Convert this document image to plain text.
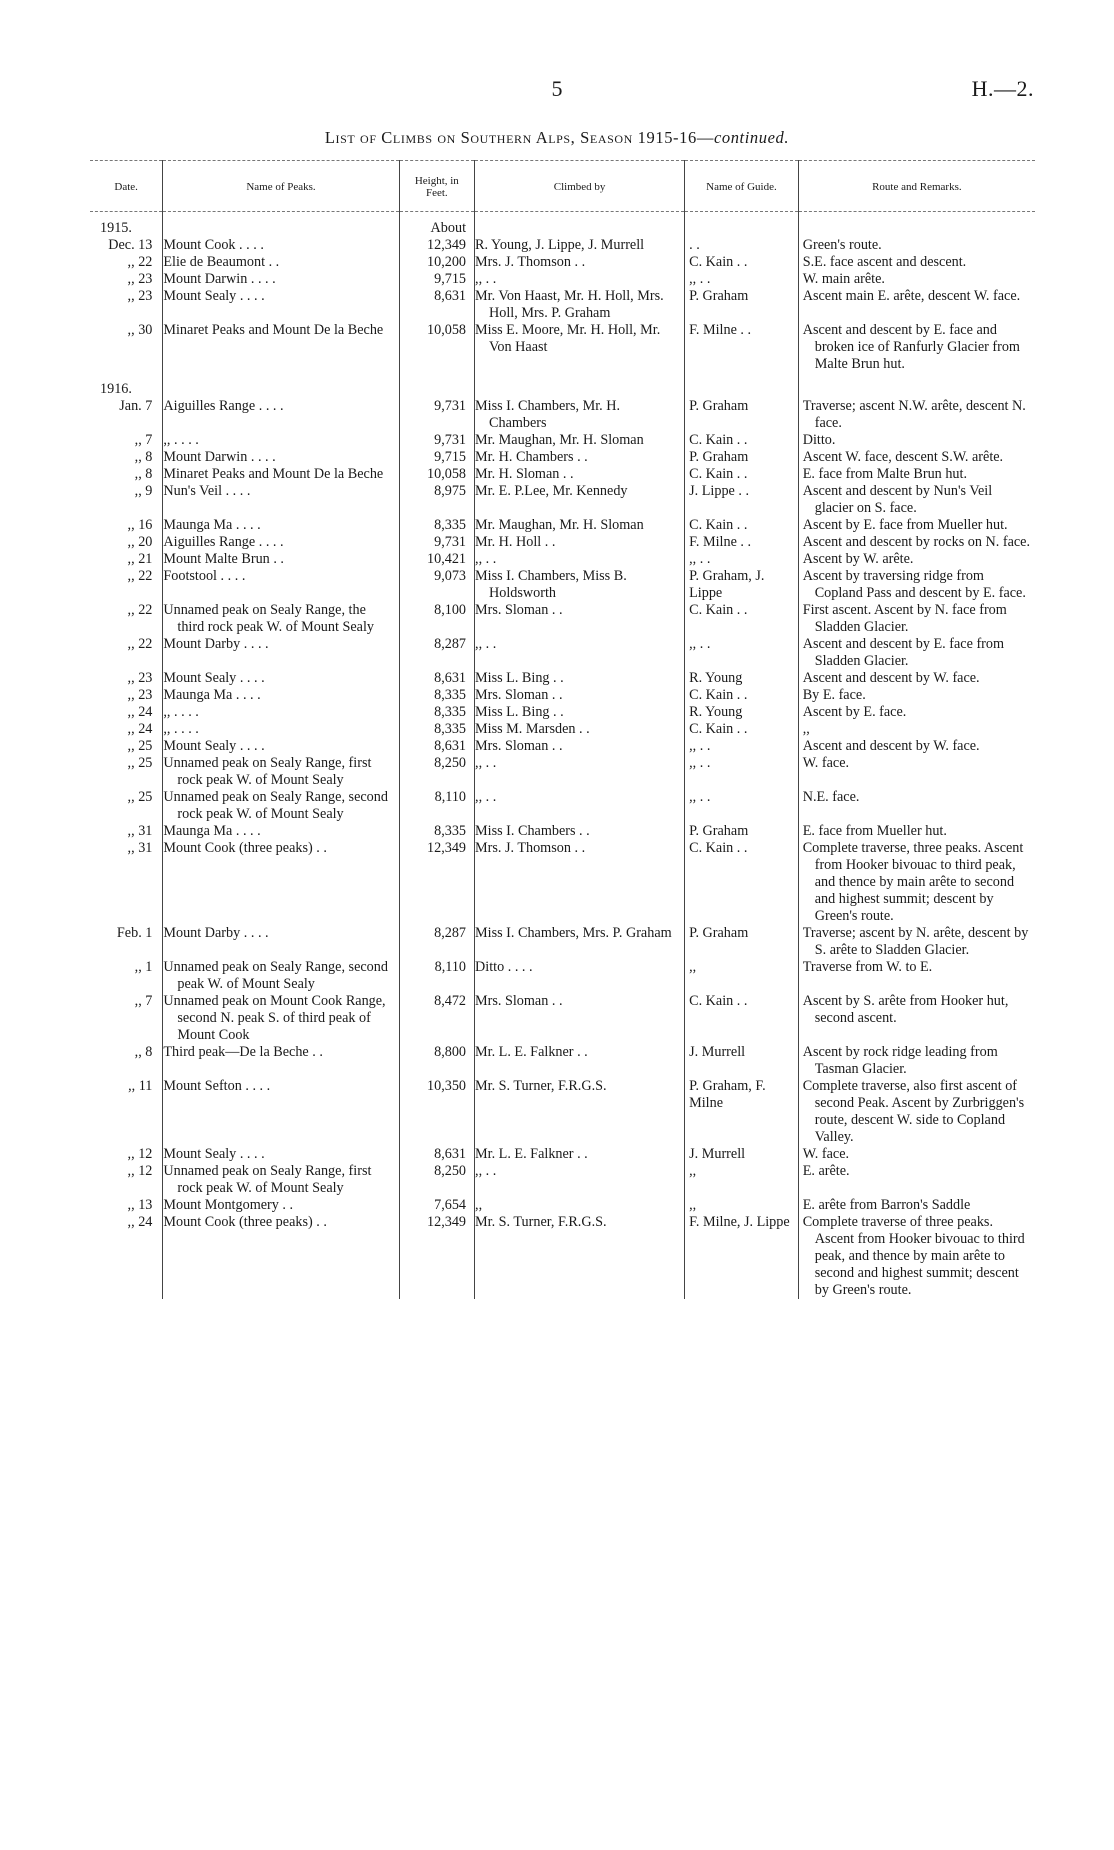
5	H.—2.
List of Climbs on Southern Alps, Season 1915-16—continued.
Date.	Name of Peaks.	Height, in Feet.	Climbed by	Name of Guide.	Route and Remarks.

1915.		About			
Dec. 13	Mount Cook . . . .	12,349	R. Young, J. Lippe, J. Murrell	. .	Green's route.
,, 22	Elie de Beaumont . .	10,200	Mrs. J. Thomson . .	C. Kain . .	S.E. face ascent and descent.
,, 23	Mount Darwin . . . .	9,715	,, . .	,, . .	W. main arête.
,, 23	Mount Sealy . . . .	8,631	Mr. Von Haast, Mr. H. Holl, Mrs. Holl, Mrs. P. Graham	P. Graham	Ascent main E. arête, descent W. face.
,, 30	Minaret Peaks and Mount De la Beche	10,058	Miss E. Moore, Mr. H. Holl, Mr. Von Haast	F. Milne . .	Ascent and descent by E. face and broken ice of Ranfurly Glacier from Malte Brun hut.

1916.					

Jan. 7	Aiguilles Range . . . .	9,731	Miss I. Chambers, Mr. H. Chambers	P. Graham	Traverse; ascent N.W. arête, descent N. face.
,, 7	,, . . . .	9,731	Mr. Maughan, Mr. H. Sloman	C. Kain . .	Ditto.
,, 8	Mount Darwin . . . .	9,715	Mr. H. Chambers . .	P. Graham	Ascent W. face, descent S.W. arête.
,, 8	Minaret Peaks and Mount De la Beche	10,058	Mr. H. Sloman . .	C. Kain . .	E. face from Malte Brun hut.
,, 9	Nun's Veil . . . .	8,975	Mr. E. P.Lee, Mr. Kennedy	J. Lippe . .	Ascent and descent by Nun's Veil glacier on S. face.
,, 16	Maunga Ma . . . .	8,335	Mr. Maughan, Mr. H. Sloman	C. Kain . .	Ascent by E. face from Mueller hut.
,, 20	Aiguilles Range . . . .	9,731	Mr. H. Holl . .	F. Milne . .	Ascent and descent by rocks on N. face.
,, 21	Mount Malte Brun . .	10,421	,, . .	,, . .	Ascent by W. arête.
,, 22	Footstool . . . .	9,073	Miss I. Chambers, Miss B. Holdsworth	P. Graham, J. Lippe	Ascent by traversing ridge from Copland Pass and descent by E. face.
,, 22	Unnamed peak on Sealy Range, the third rock peak W. of Mount Sealy	8,100	Mrs. Sloman . .	C. Kain . .	First ascent. Ascent by N. face from Sladden Glacier.
,, 22	Mount Darby . . . .	8,287	,, . .	,, . .	Ascent and descent by E. face from Sladden Glacier.
,, 23	Mount Sealy . . . .	8,631	Miss L. Bing . .	R. Young	Ascent and descent by W. face.
,, 23	Maunga Ma . . . .	8,335	Mrs. Sloman . .	C. Kain . .	By E. face.
,, 24	,, . . . .	8,335	Miss L. Bing . .	R. Young	Ascent by E. face.
,, 24	,, . . . .	8,335	Miss M. Marsden . .	C. Kain . .	,,
,, 25	Mount Sealy . . . .	8,631	Mrs. Sloman . .	,, . .	Ascent and descent by W. face.
,, 25	Unnamed peak on Sealy Range, first rock peak W. of Mount Sealy	8,250	,, . .	,, . .	W. face.
,, 25	Unnamed peak on Sealy Range, second rock peak W. of Mount Sealy	8,110	,, . .	,, . .	N.E. face.
,, 31	Maunga Ma . . . .	8,335	Miss I. Chambers . .	P. Graham	E. face from Mueller hut.
,, 31	Mount Cook (three peaks) . .	12,349	Mrs. J. Thomson . .	C. Kain . .	Complete traverse, three peaks. Ascent from Hooker bivouac to third peak, and thence by main arête to second and highest summit; descent by Green's route.
Feb. 1	Mount Darby . . . .	8,287	Miss I. Chambers, Mrs. P. Graham	P. Graham	Traverse; ascent by N. arête, descent by S. arête to Sladden Glacier.
,, 1	Unnamed peak on Sealy Range, second peak W. of Mount Sealy	8,110	Ditto . . . .	,,	Traverse from W. to E.
,, 7	Unnamed peak on Mount Cook Range, second N. peak S. of third peak of Mount Cook	8,472	Mrs. Sloman . .	C. Kain . .	Ascent by S. arête from Hooker hut, second ascent.
,, 8	Third peak—De la Beche . .	8,800	Mr. L. E. Falkner . .	J. Murrell	Ascent by rock ridge leading from Tasman Glacier.
,, 11	Mount Sefton . . . .	10,350	Mr. S. Turner, F.R.G.S.	P. Graham, F. Milne	Complete traverse, also first ascent of second Peak. Ascent by Zurbriggen's route, descent W. side to Copland Valley.
,, 12	Mount Sealy . . . .	8,631	Mr. L. E. Falkner . .	J. Murrell	W. face.
,, 12	Unnamed peak on Sealy Range, first rock peak W. of Mount Sealy	8,250	,, . .	,,	E. arête.
,, 13	Mount Montgomery . .	7,654	,,	,,	E. arête from Barron's Saddle
,, 24	Mount Cook (three peaks) . .	12,349	Mr. S. Turner, F.R.G.S.	F. Milne, J. Lippe	Complete traverse of three peaks. Ascent from Hooker bivouac to third peak, and thence by main arête to second and highest summit; descent by Green's route.
